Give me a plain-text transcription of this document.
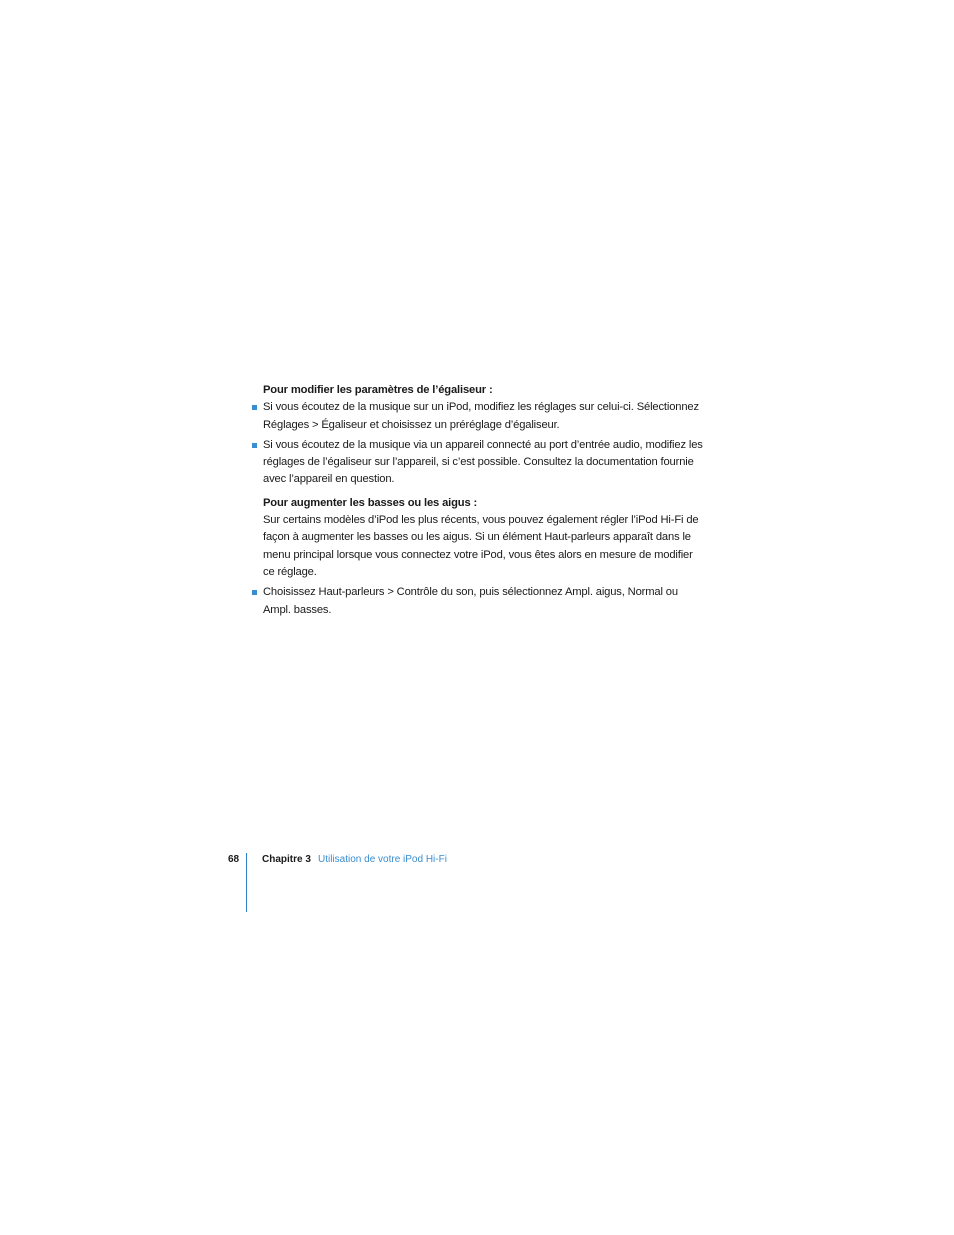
Pour modifier les paramètres de l’égaliseur :

Si vous écoutez de la musique sur un iPod, modifiez les réglages sur celui-ci. Sélectionnez Réglages > Égaliseur et choisissez un préréglage d’égaliseur.
Si vous écoutez de la musique via un appareil connecté au port d’entrée audio, modifiez les réglages de l’égaliseur sur l’appareil, si c’est possible. Consultez la documentation fournie avec l’appareil en question.

Pour augmenter les basses ou les aigus :

Sur certains modèles d’iPod les plus récents, vous pouvez également régler l’iPod Hi-Fi de façon à augmenter les basses ou les aigus. Si un élément Haut-parleurs apparaît dans le menu principal lorsque vous connectez votre iPod, vous êtes alors en mesure de modifier ce réglage.

Choisissez Haut-parleurs > Contrôle du son, puis sélectionnez Ampl. aigus, Normal ou Ampl. basses.
68 Chapitre 3 Utilisation de votre iPod Hi-Fi
